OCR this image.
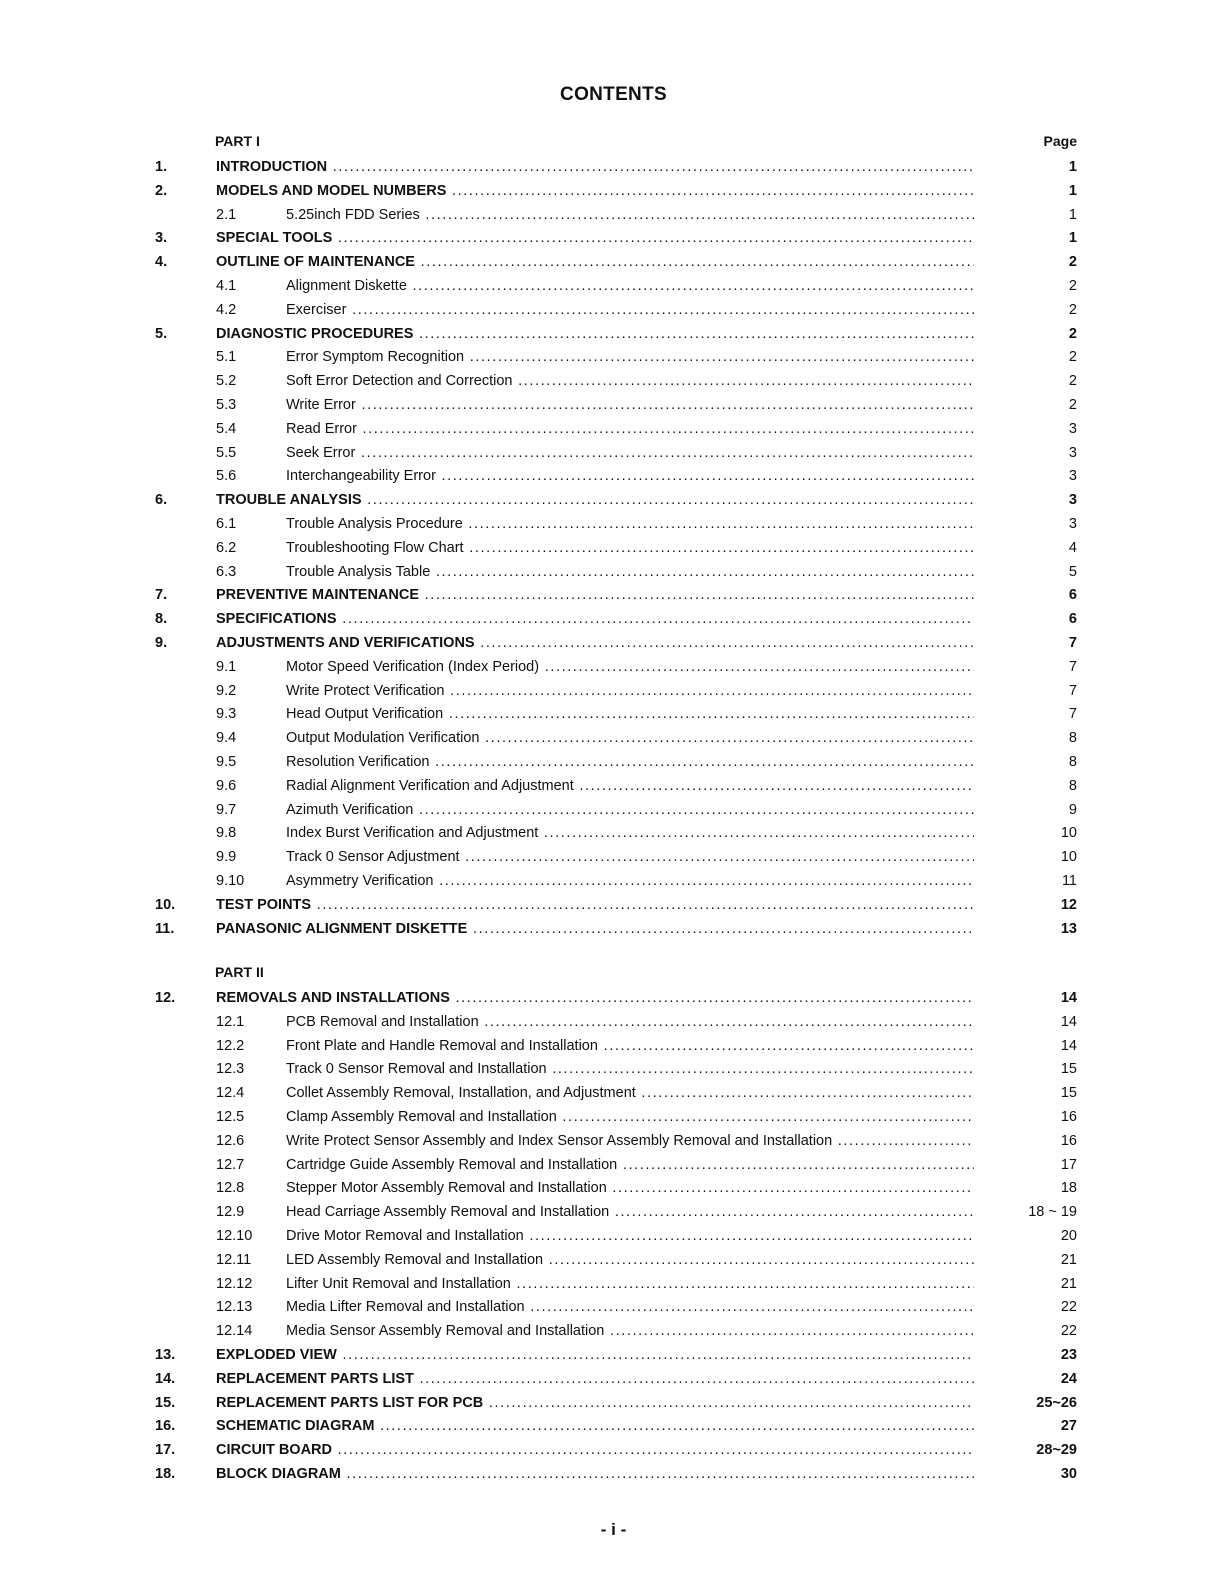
CONTENTS
PART I	Page
1.	INTRODUCTION .....	1
2.	MODELS AND MODEL NUMBERS .....	1
2.1	5.25inch FDD Series .....	1
3.	SPECIAL TOOLS .....	1
4.	OUTLINE OF MAINTENANCE .....	2
4.1	Alignment Diskette .....	2
4.2	Exerciser .....	2
5.	DIAGNOSTIC PROCEDURES .....	2
5.1	Error Symptom Recognition .....	2
5.2	Soft Error Detection and Correction .....	2
5.3	Write Error .....	2
5.4	Read Error .....	3
5.5	Seek Error .....	3
5.6	Interchangeability Error .....	3
6.	TROUBLE ANALYSIS .....	3
6.1	Trouble Analysis Procedure .....	3
6.2	Troubleshooting Flow Chart .....	4
6.3	Trouble Analysis Table .....	5
7.	PREVENTIVE MAINTENANCE .....	6
8.	SPECIFICATIONS .....	6
9.	ADJUSTMENTS AND VERIFICATIONS .....	7
9.1	Motor Speed Verification (Index Period) .....	7
9.2	Write Protect Verification .....	7
9.3	Head Output Verification .....	7
9.4	Output Modulation Verification .....	8
9.5	Resolution Verification .....	8
9.6	Radial Alignment Verification and Adjustment .....	8
9.7	Azimuth Verification .....	9
9.8	Index Burst Verification and Adjustment .....	10
9.9	Track 0 Sensor Adjustment .....	10
9.10	Asymmetry Verification .....	11
10.	TEST POINTS .....	12
11.	PANASONIC ALIGNMENT DISKETTE .....	13
PART II
12.	REMOVALS AND INSTALLATIONS .....	14
12.1	PCB Removal and Installation .....	14
12.2	Front Plate and Handle Removal and Installation .....	14
12.3	Track 0 Sensor Removal and Installation .....	15
12.4	Collet Assembly Removal, Installation, and Adjustment .....	15
12.5	Clamp Assembly Removal and Installation .....	16
12.6	Write Protect Sensor Assembly and Index Sensor Assembly Removal and Installation .....	16
12.7	Cartridge Guide Assembly Removal and Installation .....	17
12.8	Stepper Motor Assembly Removal and Installation .....	18
12.9	Head Carriage Assembly Removal and Installation .....	18 ~ 19
12.10 Drive Motor Removal and Installation .....	20
12.11 LED Assembly Removal and Installation .....	21
12.12 Lifter Unit Removal and Installation .....	21
12.13 Media Lifter Removal and Installation .....	22
12.14 Media Sensor Assembly Removal and Installation .....	22
13.	EXPLODED VIEW .....	23
14.	REPLACEMENT PARTS LIST .....	24
15.	REPLACEMENT PARTS LIST FOR PCB .....	25~26
16.	SCHEMATIC DIAGRAM .....	27
17.	CIRCUIT BOARD .....	28~29
18.	BLOCK DIAGRAM .....	30
- i -
